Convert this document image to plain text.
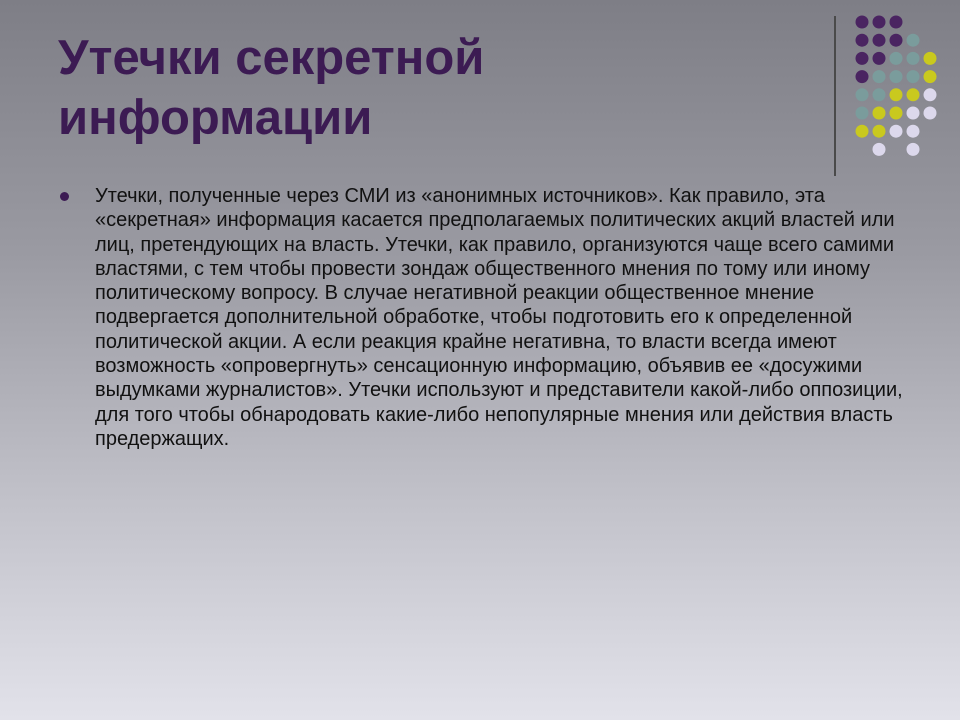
Утечки секретной
информации
Утечки, полученные через СМИ из «анонимных источников». Как правило, эта «секретная» информация касается предполагаемых политических акций властей или лиц, претендующих на власть. Утечки, как правило, организуются чаще всего самими властями, с тем чтобы провести зондаж общественного мнения по тому или иному политическому вопросу. В случае негативной реакции общественное мнение подвергается дополнительной обработке, чтобы подготовить его к определенной политической акции. А если реакция крайне негативна, то власти всегда имеют возможность «опровергнуть» сенсационную информацию, объявив ее «досужими выдумками журналистов». Утечки используют и представители какой-либо оппозиции, для того чтобы обнародовать какие-либо непопулярные мнения или действия власть предержащих.
